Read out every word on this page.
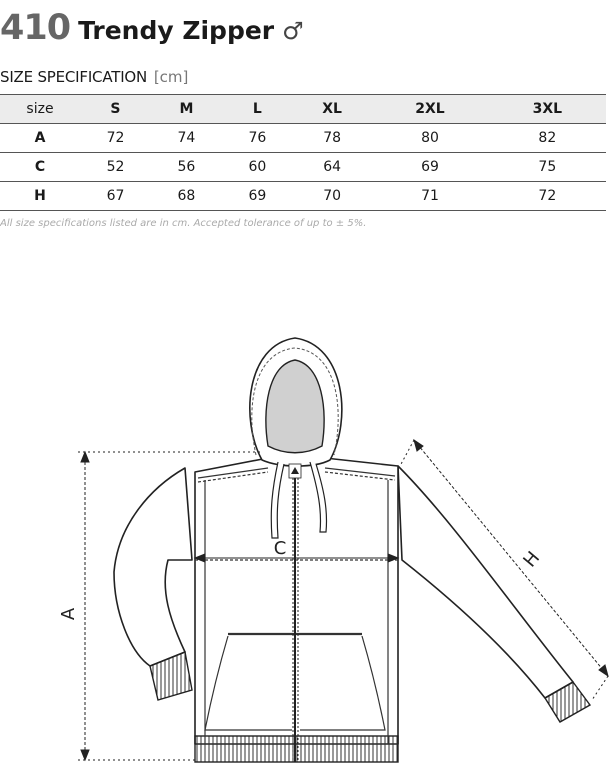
410 Trendy Zipper ♂
SIZE SPECIFICATION [cm]
size	S	M	L	XL	2XL	3XL
A	72	74	76	78	80	82
C	52	56	60	64	69	75
H	67	68	69	70	71	72
All size specifications listed are in cm. Accepted tolerance of up to ± 5%.
A
C	H
